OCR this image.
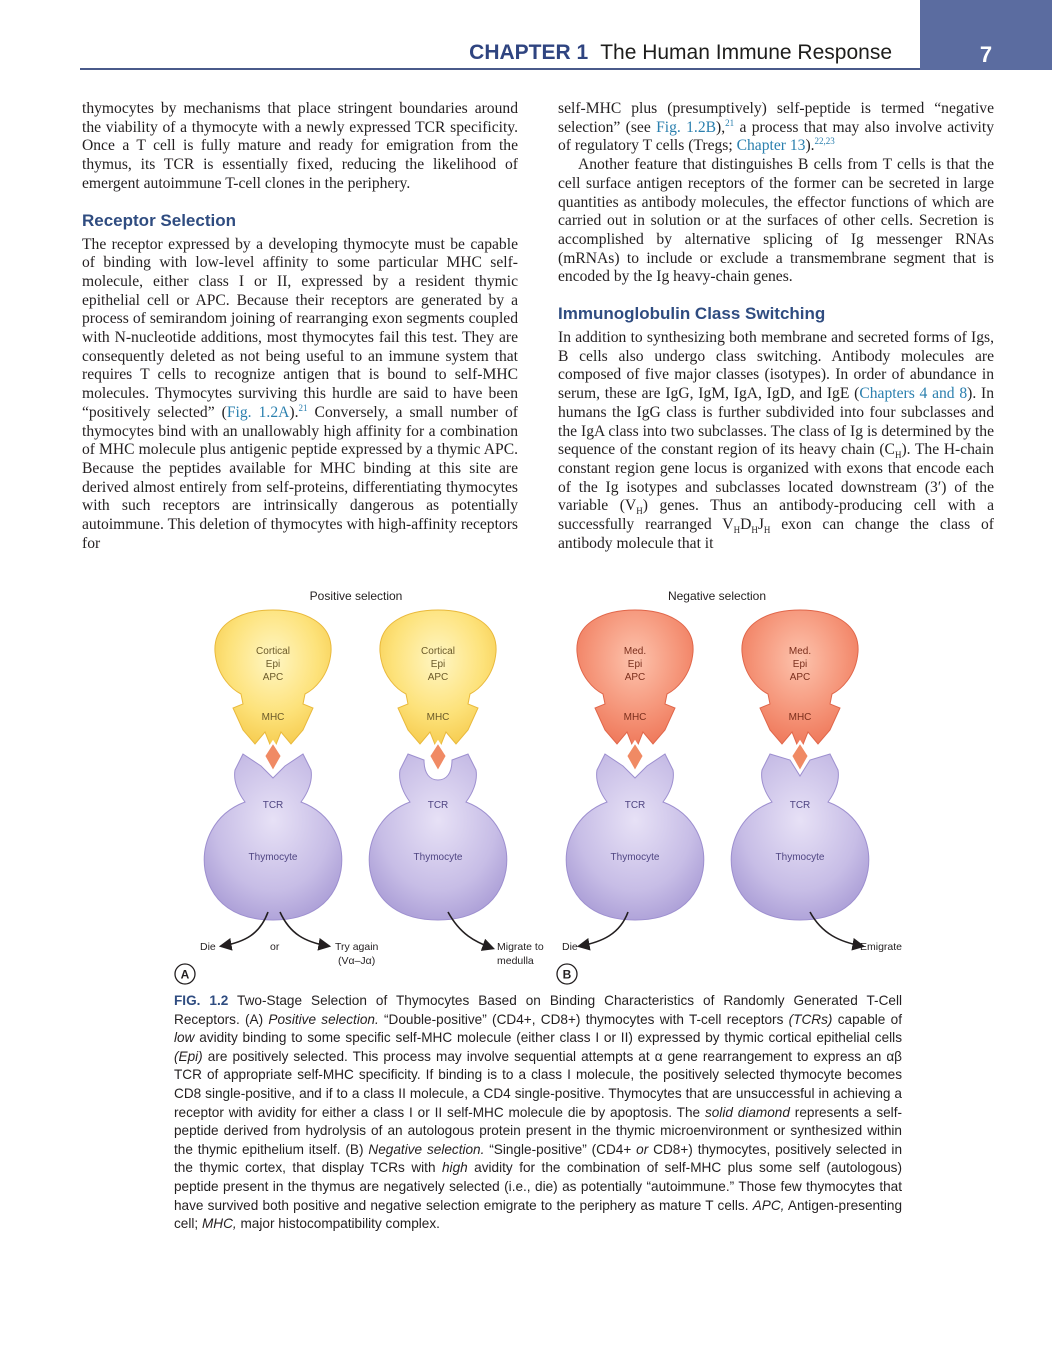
CHAPTER 1 The Human Immune Response	7

thymocytes by mechanisms that place stringent boundaries around the viability of a thymocyte with a newly expressed TCR specificity. Once a T cell is fully mature and ready for emigration from the thymus, its TCR is essentially fixed, reducing the likelihood of emergent autoimmune T-cell clones in the periphery.

Receptor Selection

The receptor expressed by a developing thymocyte must be capable of binding with low-level affinity to some particular MHC self-molecule, either class I or II, expressed by a resident thymic epithelial cell or APC. Because their receptors are generated by a process of semirandom joining of rearranging exon segments coupled with N-nucleotide additions, most thymocytes fail this test. They are consequently deleted as not being useful to an immune system that requires T cells to recognize antigen that is bound to self-MHC molecules. Thymocytes surviving this hurdle are said to have been “positively selected” (Fig. 1.2A).$^{21}$ Conversely, a small number of thymocytes bind with an unallowably high affinity for a combination of MHC molecule plus antigenic peptide expressed by a thymic APC. Because the peptides available for MHC binding at this site are derived almost entirely from self-proteins, differentiating thymocytes with such receptors are intrinsically dangerous as potentially autoimmune. This deletion of thymocytes with high-affinity receptors for

self-MHC plus (presumptively) self-peptide is termed “negative selection” (see Fig. 1.2B),$^{21}$ a process that may also involve activity of regulatory T cells (Tregs; Chapter 13).$^{22,23}$

Another feature that distinguishes B cells from T cells is that the cell surface antigen receptors of the former can be secreted in large quantities as antibody molecules, the effector functions of which are carried out in solution or at the surfaces of other cells. Secretion is accomplished by alternative splicing of Ig messenger RNAs (mRNAs) to include or exclude a transmembrane segment that is encoded by the Ig heavy-chain genes.

Immunoglobulin Class Switching

In addition to synthesizing both membrane and secreted forms of Igs, B cells also undergo class switching. Antibody molecules are composed of five major classes (isotypes). In order of abundance in serum, these are IgG, IgM, IgA, IgD, and IgE (Chapters 4 and 8). In humans the IgG class is further subdivided into four subclasses and the IgA class into two subclasses. The class of Ig is determined by the sequence of the constant region of its heavy chain $(C_H)$. The H-chain constant region gene locus is organized with exons that encode each of the Ig isotypes and subclasses located downstream (3′) of the variable $(V_H)$ genes. Thus an antibody-producing cell with a successfully rearranged $V_HD_HJ_H$ exon can change the class of antibody molecule that it

Positive selection	Negative selection
Cortical
Epi
APC
MHC
TCR
Thymocyte
Cortical
Epi
APC
MHC
TCR
Thymocyte
Med.
Epi
APC
MHC
TCR
Thymocyte
Med.
Epi
APC
MHC
TCR
Thymocyte
Die	or	Try again
(Vα–Jα)
Migrate to
medulla
Die	Emigrate
A	B
FIG. 1.2 Two-Stage Selection of Thymocytes Based on Binding Characteristics of Randomly Generated T-Cell Receptors. (A) Positive selection. “Double-positive” (CD4+, CD8+) thymocytes with T-cell receptors (TCRs) capable of low avidity binding to some specific self-MHC molecule (either class I or II) expressed by thymic cortical epithelial cells (Epi) are positively selected. This process may involve sequential attempts at α gene rearrangement to express an αβ TCR of appropriate self-MHC specificity. If binding is to a class I molecule, the positively selected thymocyte becomes CD8 single-positive, and if to a class II molecule, a CD4 single-positive. Thymocytes that are unsuccessful in achieving a receptor with avidity for either a class I or II self-MHC molecule die by apoptosis. The solid diamond represents a self-peptide derived from hydrolysis of an autologous protein present in the thymic microenvironment or synthesized within the thymic epithelium itself. (B) Negative selection. “Single-positive” (CD4+ or CD8+) thymocytes, positively selected in the thymic cortex, that display TCRs with high avidity for the combination of self-MHC plus some self (autologous) peptide present in the thymus are negatively selected (i.e., die) as potentially “autoimmune.” Those few thymocytes that have survived both positive and negative selection emigrate to the periphery as mature T cells. APC, Antigen-presenting cell; MHC, major histocompatibility complex.
